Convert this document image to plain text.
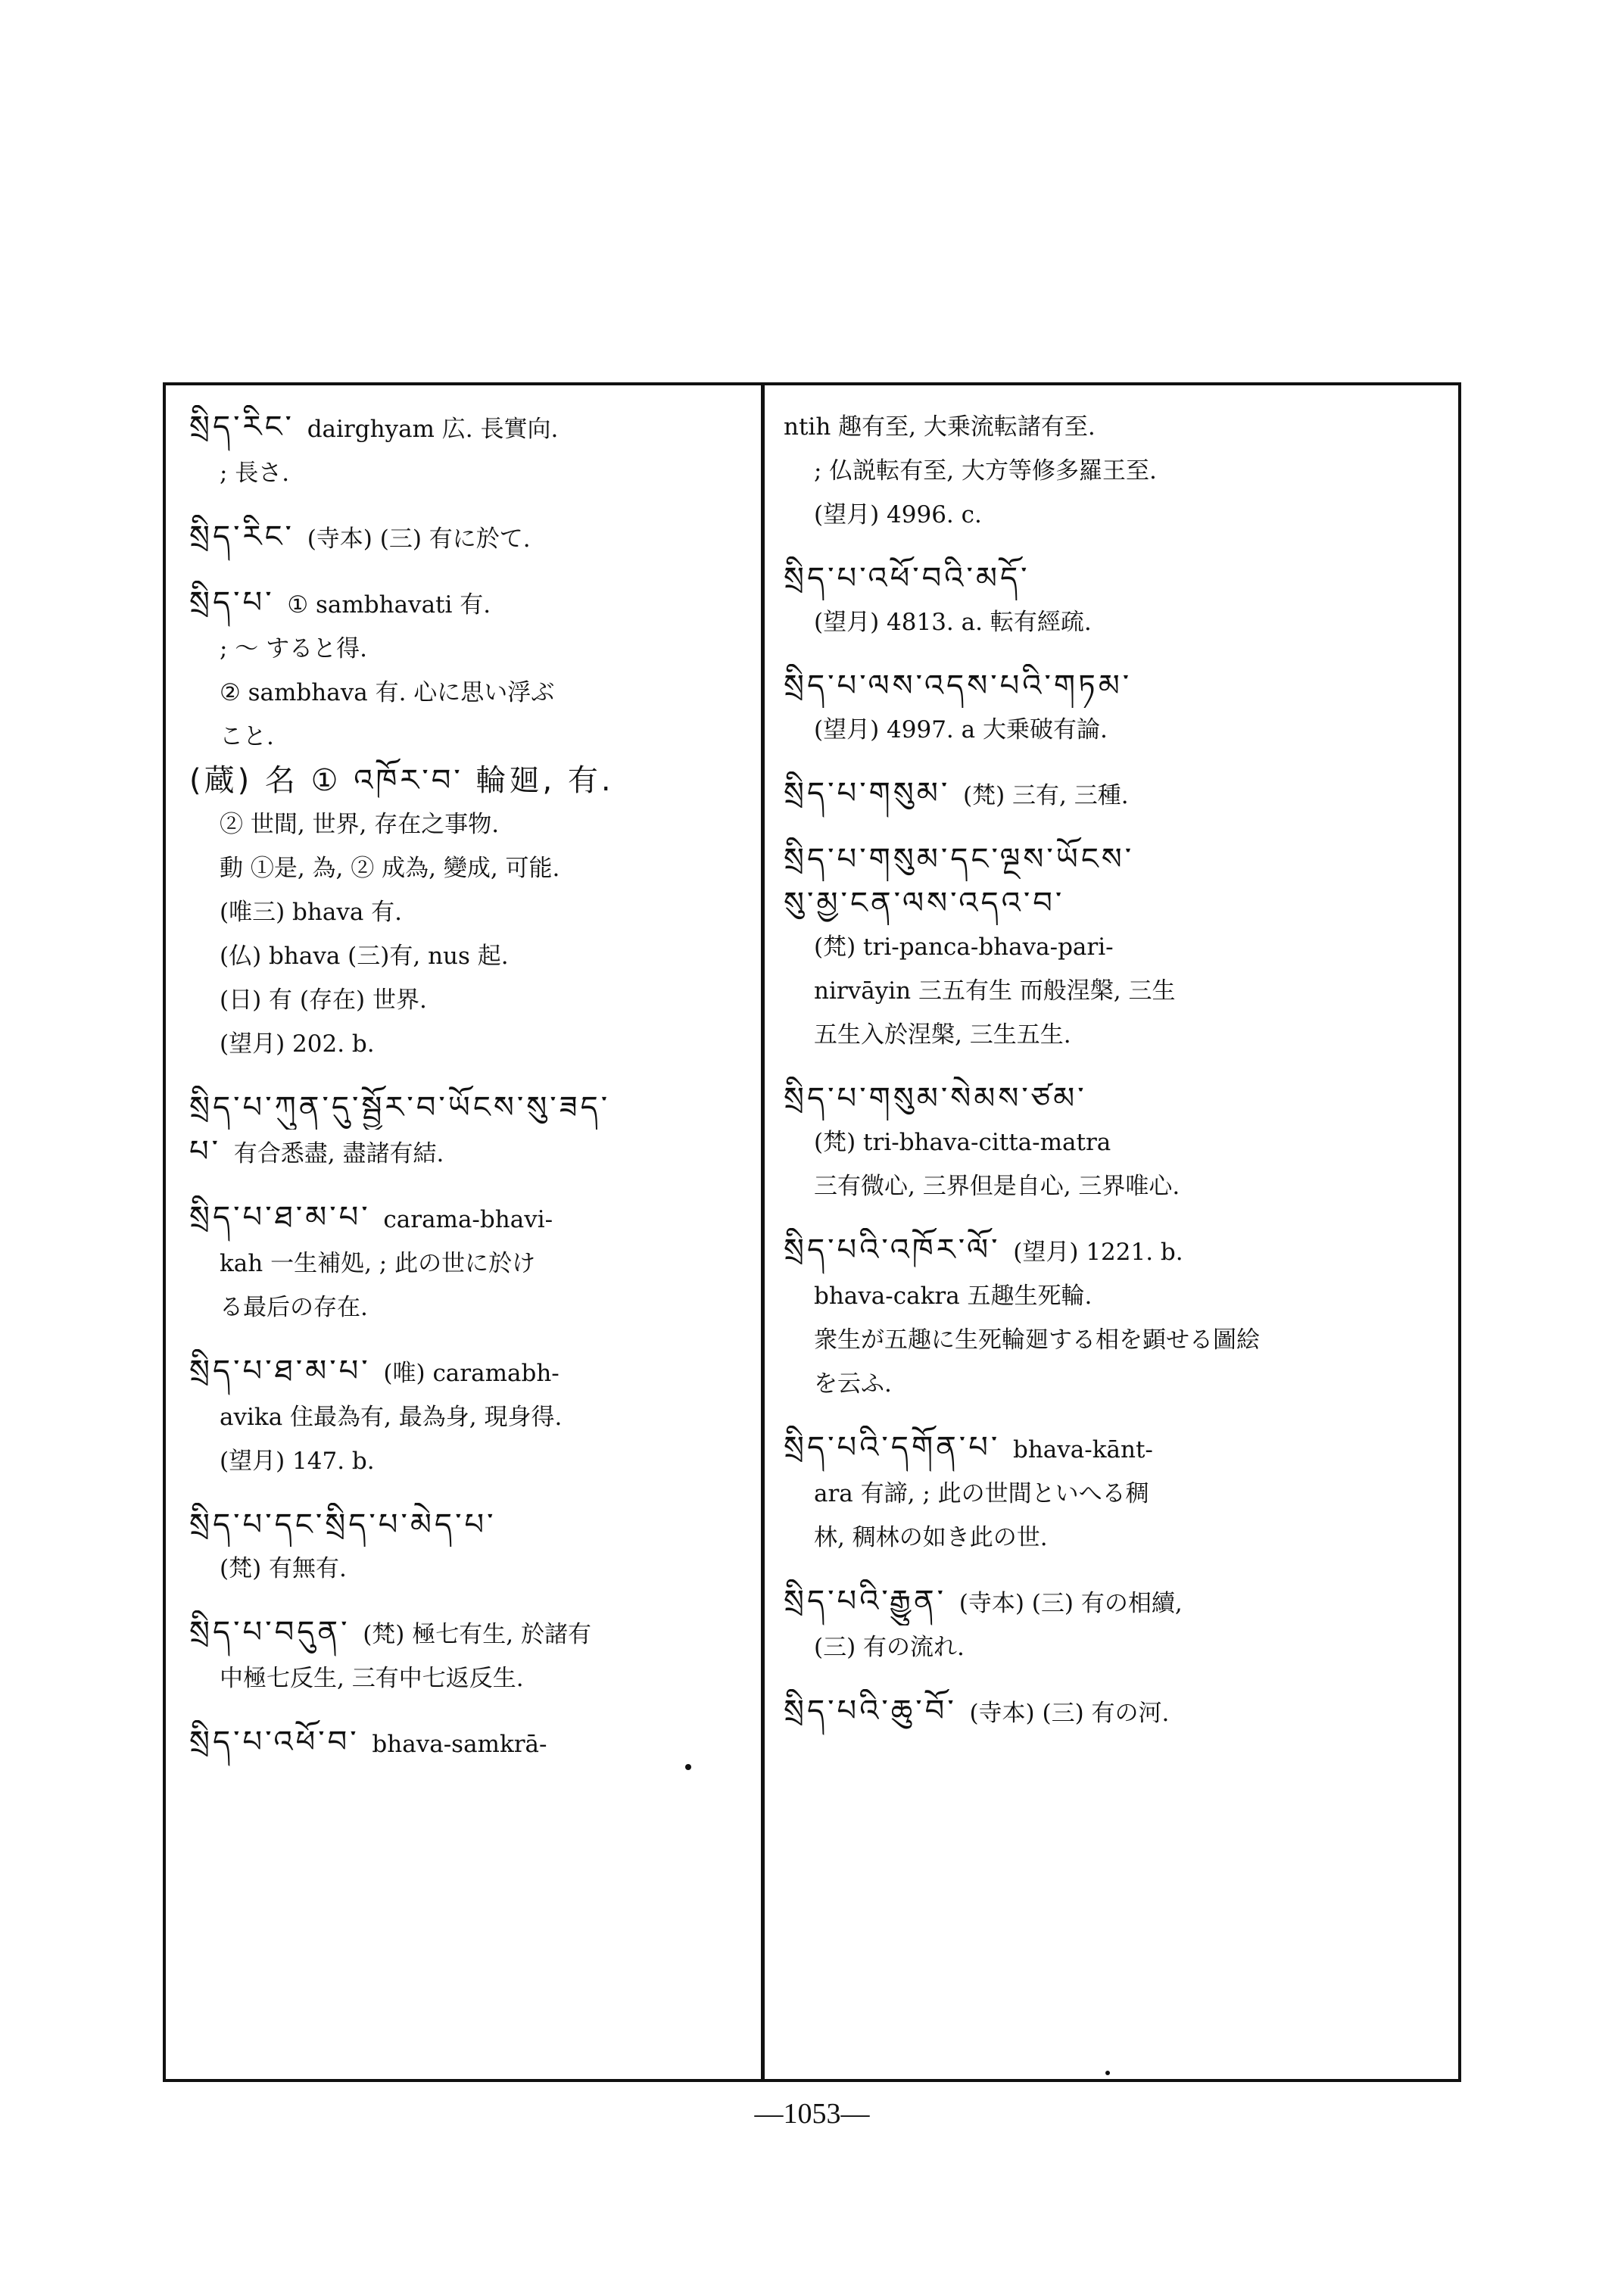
སྲིད་རིང་ dairghyam 広. 長實向.
; 長さ.
སྲིད་རིང་ (寺本) (三) 有に於て.
སྲིད་པ་ ① sambhavati 有.
; 〜 すると得.
② sambhava 有. 心に思い浮ぶ
こと.
(蔵) 名 ① འཁོར་བ་ 輪廻, 有.
② 世間, 世界, 存在之事物.
動 ①是, 為, ② 成為, 變成, 可能.
(唯三) bhava 有.
(仏) bhava (三)有, nus 起.
(日) 有 (存在) 世界.
(望月) 202. b.
སྲིད་པ་ཀུན་དུ་སྦྱོར་བ་ཡོངས་སུ་ཟད་
པ་ 有合悉盡, 盡諸有結.
སྲིད་པ་ཐ་མ་པ་ carama-bhavi-
kah 一生補処, ; 此の世に於け
る最后の存在.
སྲིད་པ་ཐ་མ་པ་ (唯) caramabh-
avika 住最為有, 最為身, 現身得.
(望月) 147. b.
སྲིད་པ་དང་སྲིད་པ་མེད་པ་
(梵) 有無有.
སྲིད་པ་བདུན་ (梵) 極七有生, 於諸有
中極七反生, 三有中七返反生.
སྲིད་པ་འཕོ་བ་ bhava-samkrā-
ntih 趣有至, 大乗流転諸有至.
; 仏説転有至, 大方等修多羅王至.
(望月) 4996. c.
སྲིད་པ་འཕོ་བའི་མདོ་
(望月) 4813. a. 転有經疏.
སྲིད་པ་ལས་འདས་པའི་གཏམ་
(望月) 4997. a 大乗破有論.
སྲིད་པ་གསུམ་ (梵) 三有, 三種.
སྲིད་པ་གསུམ་དང་ལྔས་ཡོངས་
སུ་མྱ་ངན་ལས་འདའ་བ་
(梵) tri-panca-bhava-pari-
nirvāyin 三五有生 而般涅槃, 三生
五生入於涅槃, 三生五生.
སྲིད་པ་གསུམ་སེམས་ཙམ་
(梵) tri-bhava-citta-matra
三有微心, 三界但是自心, 三界唯心.
སྲིད་པའི་འཁོར་ལོ་ (望月) 1221. b.
bhava-cakra 五趣生死輪.
衆生が五趣に生死輪廻する相を顕せる圖絵
を云ふ.
སྲིད་པའི་དགོན་པ་ bhava-kānt-
ara 有諦, ; 此の世間といへる稠
林, 稠林の如き此の世.
སྲིད་པའི་རྒྱུན་ (寺本) (三) 有の相續,
(三) 有の流れ.
སྲིད་པའི་ཆུ་བོ་ (寺本) (三) 有の河.
—1053—
